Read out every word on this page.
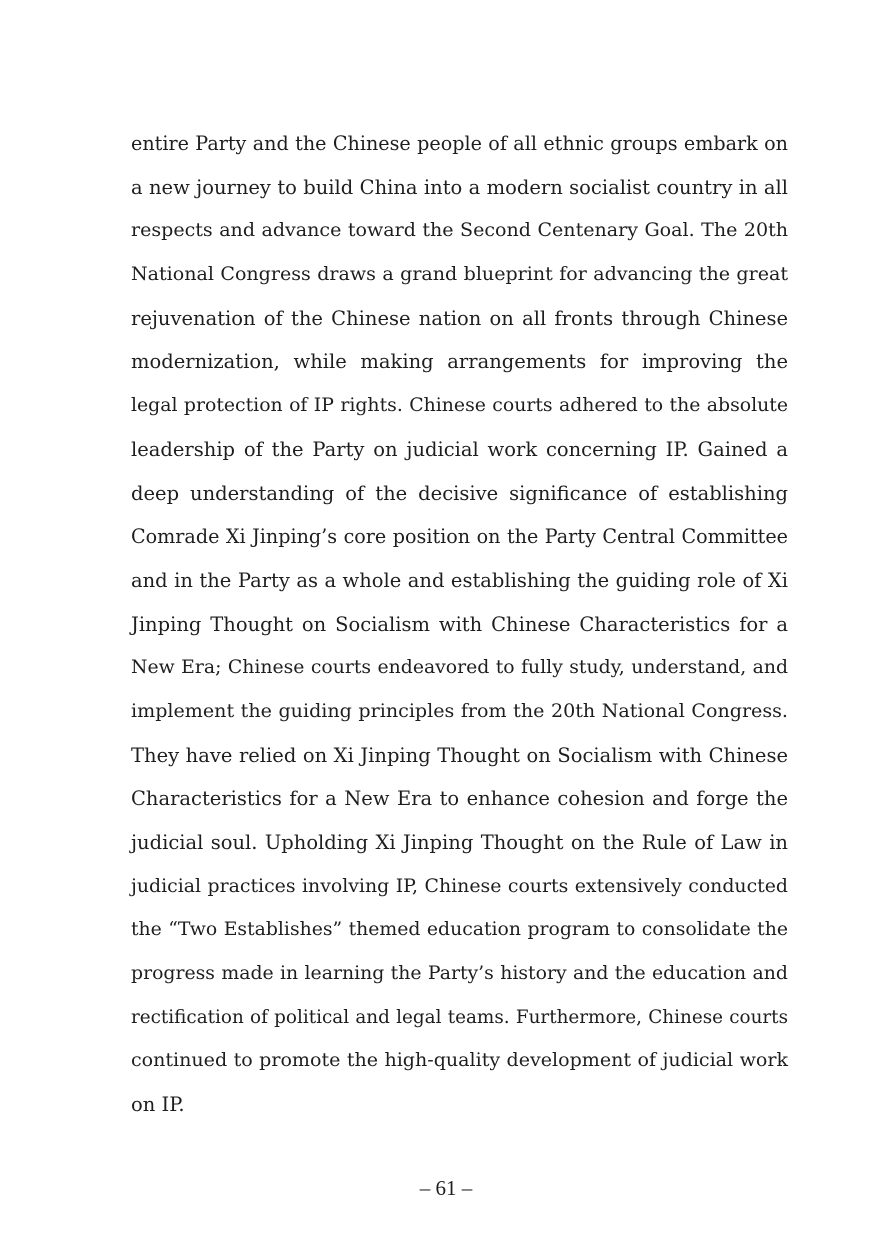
entire Party and the Chinese people of all ethnic groups embark on
a new journey to build China into a modern socialist country in all
respects and advance toward the Second Centenary Goal. The 20th
National Congress draws a grand blueprint for advancing the great
rejuvenation of the Chinese nation on all fronts through Chinese
modernization, while making arrangements for improving the
legal protection of IP rights. Chinese courts adhered to the absolute
leadership of the Party on judicial work concerning IP. Gained a
deep understanding of the decisive significance of establishing
Comrade Xi Jinping’s core position on the Party Central Committee
and in the Party as a whole and establishing the guiding role of Xi
Jinping Thought on Socialism with Chinese Characteristics for a
New Era; Chinese courts endeavored to fully study, understand, and
implement the guiding principles from the 20th National Congress.
They have relied on Xi Jinping Thought on Socialism with Chinese
Characteristics for a New Era to enhance cohesion and forge the
judicial soul. Upholding Xi Jinping Thought on the Rule of Law in
judicial practices involving IP, Chinese courts extensively conducted
the “Two Establishes” themed education program to consolidate the
progress made in learning the Party’s history and the education and
rectification of political and legal teams. Furthermore, Chinese courts
continued to promote the high-quality development of judicial work
on IP.
– 61 –
